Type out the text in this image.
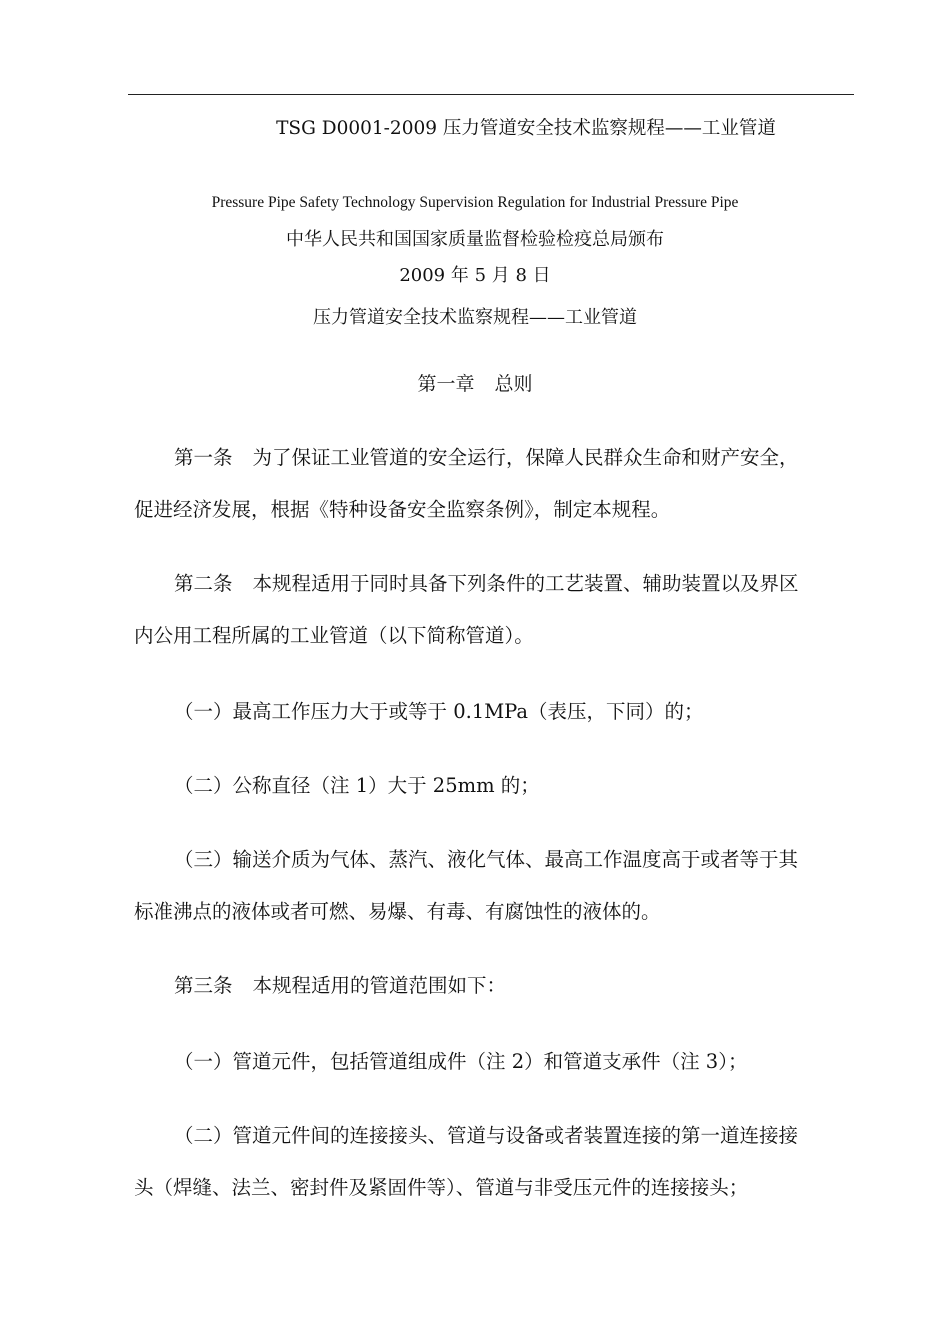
TSG D0001-2009 压力管道安全技术监察规程——工业管道
Pressure Pipe Safety Technology Supervision Regulation for Industrial Pressure Pipe
中华人民共和国国家质量监督检验检疫总局颁布
2009 年 5 月 8 日
压力管道安全技术监察规程——工业管道
第一章 总则
第一条 为了保证工业管道的安全运行，保障人民群众生命和财产安全，
促进经济发展，根据《特种设备安全监察条例》，制定本规程。
第二条 本规程适用于同时具备下列条件的工艺装置、辅助装置以及界区
内公用工程所属的工业管道（以下简称管道）。
（一）最高工作压力大于或等于 0.1MPa（表压，下同）的；
（二）公称直径（注 1）大于 25mm 的；
（三）输送介质为气体、蒸汽、液化气体、最高工作温度高于或者等于其
标准沸点的液体或者可燃、易爆、有毒、有腐蚀性的液体的。
第三条 本规程适用的管道范围如下：
（一）管道元件，包括管道组成件（注 2）和管道支承件（注 3）；
（二）管道元件间的连接接头、管道与设备或者装置连接的第一道连接接
头（焊缝、法兰、密封件及紧固件等）、管道与非受压元件的连接接头；
